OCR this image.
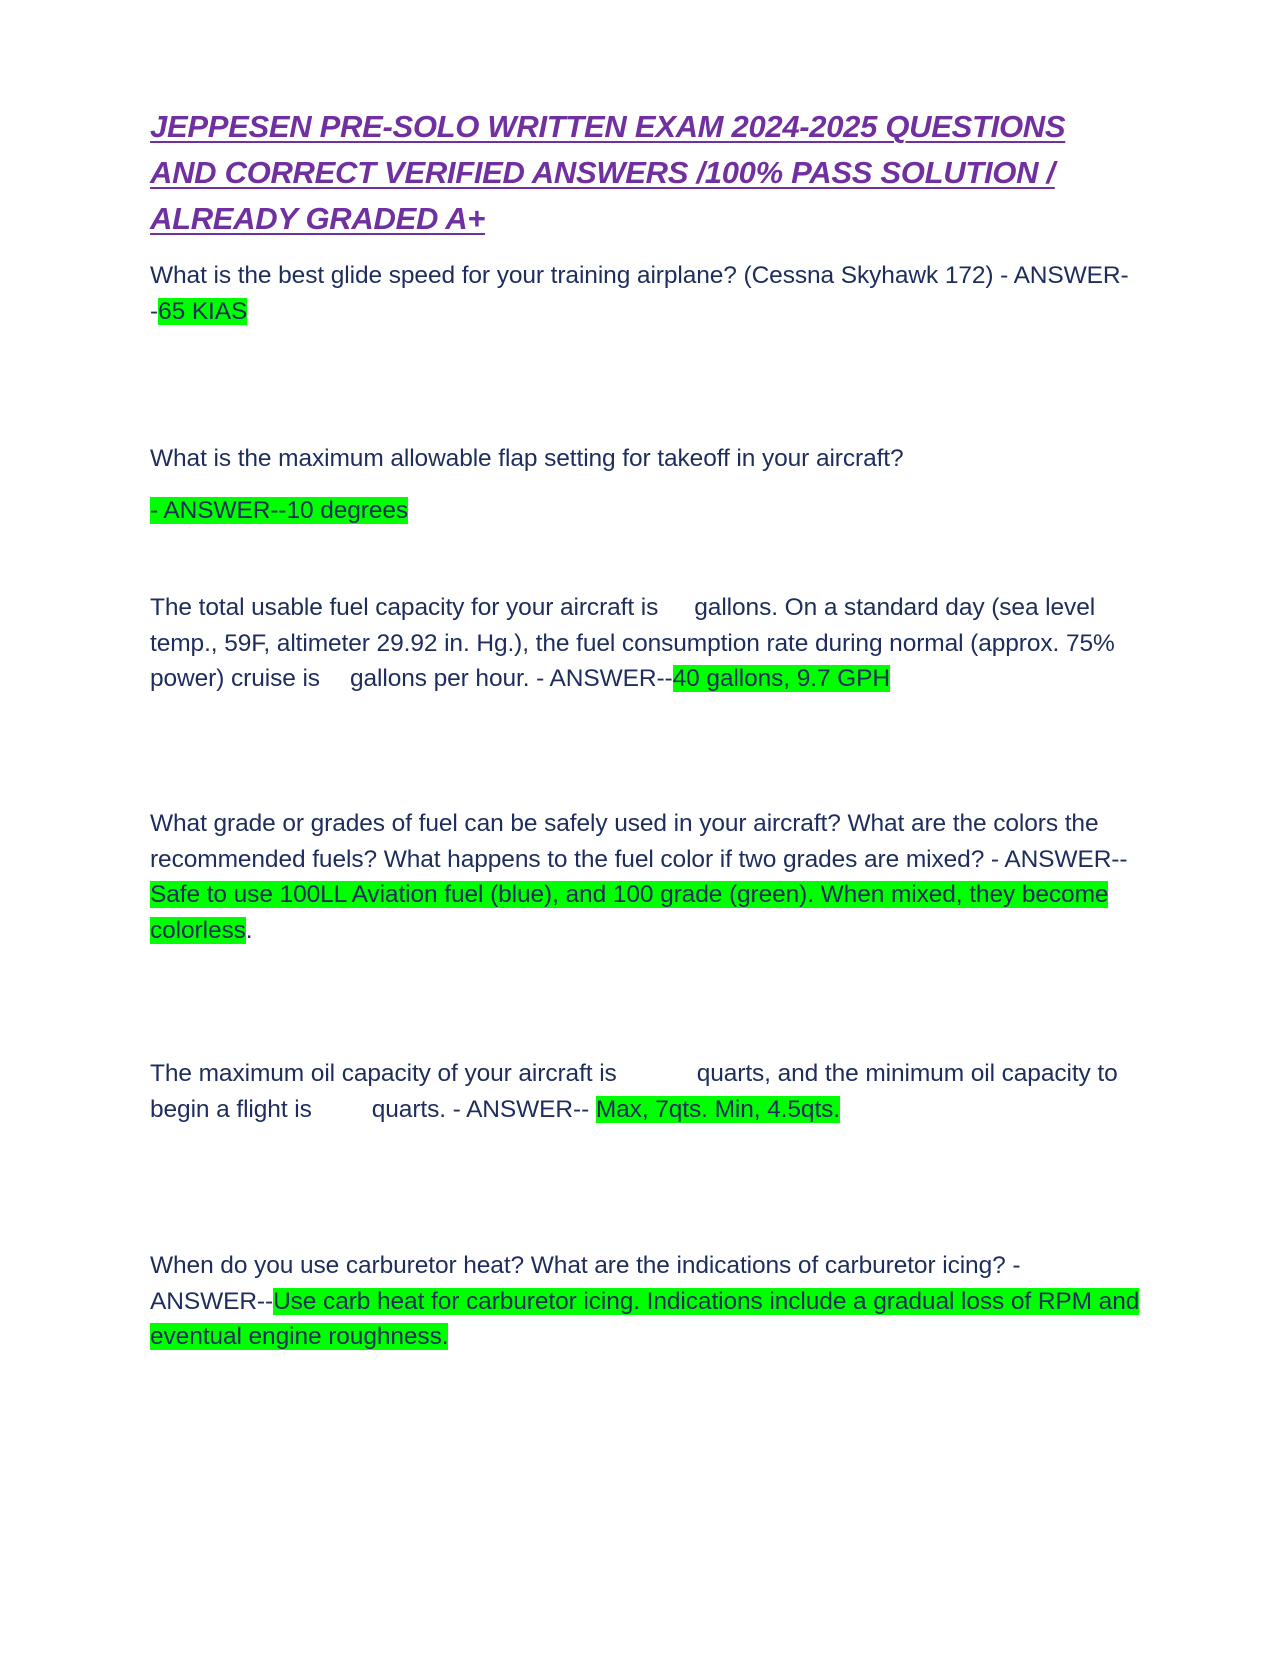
JEPPESEN PRE-SOLO WRITTEN EXAM 2024-2025 QUESTIONS AND CORRECT VERIFIED ANSWERS /100% PASS SOLUTION / ALREADY GRADED A+

What is the best glide speed for your training airplane? (Cessna Skyhawk 172) - ANSWER--65 KIAS

What is the maximum allowable flap setting for takeoff in your aircraft?
- ANSWER--10 degrees

The total usable fuel capacity for your aircraft is gallons. On a standard day (sea level temp., 59F, altimeter 29.92 in. Hg.), the fuel consumption rate during normal (approx. 75% power) cruise is gallons per hour. - ANSWER--40 gallons, 9.7 GPH

What grade or grades of fuel can be safely used in your aircraft? What are the colors the recommended fuels? What happens to the fuel color if two grades are mixed? - ANSWER--Safe to use 100LL Aviation fuel (blue), and 100 grade (green). When mixed, they become colorless.

The maximum oil capacity of your aircraft is	quarts, and the minimum oil capacity to begin a flight is quarts. - ANSWER-- Max, 7qts. Min, 4.5qts.

When do you use carburetor heat? What are the indications of carburetor icing? - ANSWER--Use carb heat for carburetor icing. Indications include a gradual loss of RPM and eventual engine roughness.
